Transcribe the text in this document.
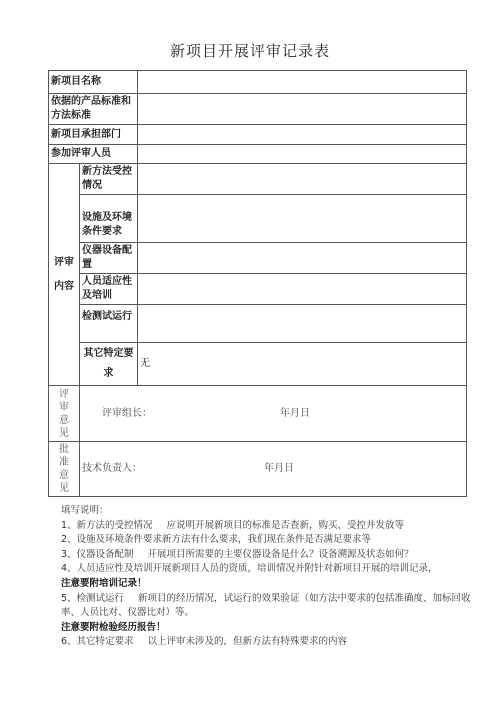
新项目开展评审记录表
新项目名称		
依据的产品标准和方法标准		
新项目承担部门		
参加评审人员		

评审内容	新方法受控情况	
	设施及环境条件要求	
	仪器设备配置	
	人员适应性及培训	
	检测试运行	
	其它特定要求	无

评
审
意
见	评审组长： 年月日	

批
准
意
见	技术负责人： 年月日	

填写说明：

1、新方法的受控情况 应说明开展新项目的标准是否查新，购买、受控并发放等

2、设施及环境条件要求新方法有什么要求，我们现在条件是否满足要求等

3、仪器设备配制 开展项目所需要的主要仪器设备是什么？设备溯源及状态如何？

4、人员适应性及培训开展新项目人员的资质，培训情况并附针对新项目开展的培训记录，

注意要附培训记录！

5、检测试运行 新项目的经历情况，试运行的效果验证（如方法中要求的包括准确度、加标回收率、人员比对、仪器比对）等。

注意要附检验经历报告！

6、其它特定要求 以上评审未涉及的，但新方法有特殊要求的内容
